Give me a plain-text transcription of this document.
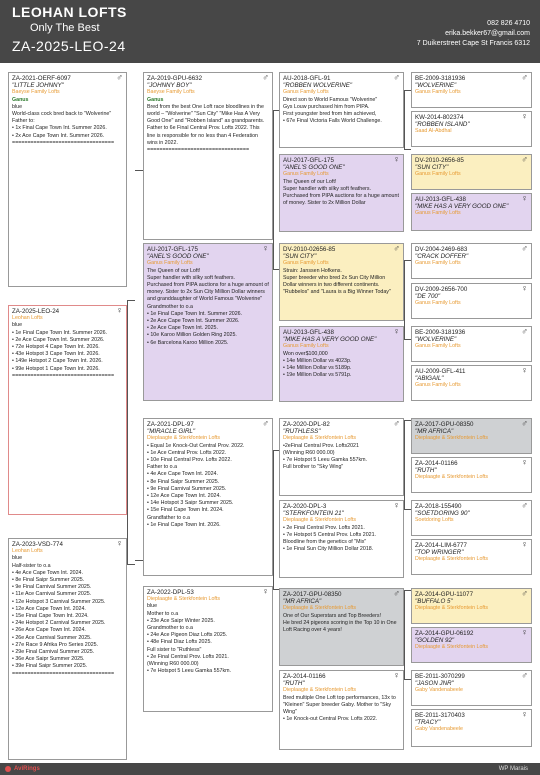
LEOHAN LOFTS
Only The Best
ZA-2025-LEO-24
082 826 4710
erika.bekker67@gmail.com
7 Duikerstreet Cape St Francis 6312
ZA-2021-OERF-6097	♂
"LITTLE JOHNNY"
Baeyse Family Lofts
Ganus
blue
World-class cock bred back to "Wolverine"
Father to:
• 1x Final Cape Town Int. Summer 2026.
• 2x Ace Cape Town Int. Summer 2026.
=================================
ZA-2025-LEO-24	♀
Leohan Lofts
blue
• 1e Final Cape Town Int. Summer 2026.
• 2e Ace Cape Town Int. Summer 2026.
• 72e Hotspot 4 Cape Town Int. 2026.
• 43e Hotspot 3 Cape Town Int. 2026.
• 149e Hotspot 2 Cape Town Int. 2026.
• 99e Hotspot 1 Cape Town Int. 2026.
=================================
ZA-2023-VSD-774	♀
Leohan Lofts
blue
Half-sister to o.a
• 4e Ace Cape Town Int. 2024.
• 8e Final Saipr Summer 2025.
• 9e Final Carnival Summer 2025.
• 11e Ace Carnival Summer 2025.
• 12e Hotspot 3 Carnival Summer 2025.
• 12e Ace Cape Town Int. 2024.
• 15e Final Cape Town Int. 2024.
• 24e Hotspot 2 Carnival Summer 2025.
• 26e Ace Cape Town Int. 2024.
• 26e Ace Carnival Summer 2025.
• 27e Race 9 Afrika Pro Series 2025.
• 29e Final Carnival Summer 2025.
• 36e Ace Saipr Summer 2025.
• 39e Final Saipr Summer 2025.
=================================
ZA-2019-GPU-6632	♂
"JOHNNY BOY"
Baeyse Family Lofts
Ganus
Bred from the best One Loft race bloodlines in the world – "Wolverine" "Sun City" "Mike Has A Very Good One" and "Robben Island" as grandparents. Father to 6e Final Central Prov. Lofts 2022. This line is responsible for no less than 4 Federation wins in 2022.
=================================
AU-2017-GFL-175	♀
"ANEL'S GOOD ONE"
Ganus Family Lofts
The Queen of our Loft!
Super handler with silky soft feathers.
Purchased from PIPA auctions for a huge amount of money. Sister to 2x Sun City Million Dollar winners and granddaughter of World Famous "Wolverine"
Grandmother to o.a
• 1e Final Cape Town Int. Summer 2026.
• 2e Ace Cape Town Int. Summer 2026.
• 2e Ace Cape Town Int. 2025.
• 10e Karoo Million Golden Ring 2025.
• 6e Barcelona Karoo Million 2025.
ZA-2021-DPL-97	♂
"MIRACLE GIRL"
Dieplaagte & Sterkfontein Lofts
• Equal 1e Knock-Out Central Prov. 2022.
• 1e Ace Central Prov. Lofts 2022.
• 10e Final Central Prov. Lofts 2022.
Father to o.a
• 4e Ace Cape Town Int. 2024.
• 8e Final Saipr Summer 2025.
• 9e Final Carnival Summer 2025.
• 12e Ace Cape Town Int. 2024.
• 14e Hotspot 3 Saipr Summer 2025.
• 15e Final Cape Town Int. 2024.
Grandfather to o.a
• 1e Final Cape Town Int. 2026.
ZA-2022-DPL-53	♀
Dieplaagte & Sterkfontein Lofts
blue
Mother to o.a
• 23e Ace Saipr Winter 2025.
Grandmother to o.a
• 24e Ace Pigeon Diaz Lofts 2025.
• 48e Final Diaz Lofts 2025.
Full sister to "Ruthless"
• 2e Final Central Prov. Lofts 2021.
(Winning R60 000.00)
• 7e Hotspot 5 Leeu Gamka 557km.
AU-2018-GFL-91	♂
"ROBBEN WOLVERINE"
Ganus Family Lofts
Direct son to World Famous "Wolverine"
Gys Louw purchased him from PIPA.
First youngster bred from him achieved,
• 67e Final Victoria Falls World Challenge.
AU-2017-GFL-175	♀
"ANEL'S GOOD ONE"
Ganus Family Lofts
The Queen of our Loft!
Super handler with silky soft feathers.
Purchased from PIPA auctions for a huge amount of money. Sister to 2x Million Dollar
DV-2010-02656-85	♂
"SUN CITY"
Ganus Family Lofts
Strain: Janssen Hofkens.
Super breeder who bred 2x Sun City Million Dollar winners in two different continents. "Rubbelos" and "Laura is a Big Winner Today"
AU-2013-GFL-438	♀
"MIKE HAS A VERY GOOD ONE"
Ganus Family Lofts
Won over$100,000
• 14e Million Dollar vs 4023p.
• 14e Million Dollar vs 5189p.
• 19e Million Dollar vs 5791p.
ZA-2020-DPL-82	♂
"RUTHLESS"
Dieplaagte & Sterkfontein Lofts
•2eFinal Central Prov. Lofts2021
(Winning R60 000.00)
• 7e Hotspot 5 Leeu Gamka 557km.
Full brother to "Sky Wing"
ZA-2020-DPL-3	♀
"STERKFONTEIN 21"
Dieplaagte & Sterkfontein Lofts
• 2e Final Central Prov. Lofts 2021.
• 7e Hotspot 5 Central Prov. Lofts 2021.
Bloodline from the genetics of "Mix"
• 1e Final Sun City Million Dollar 2018.
ZA-2017-GPU-08350	♂
"MR AFRICA"
Dieplaagte & Sterkfontein Lofts
One of Our Superstars and Top Breeders!
He bred 24 pigeons scoring in the Top 10 in One Loft Racing over 4 years!
ZA-2014-01166	♀
"RUTH"
Dieplaagte & Sterkfontein Lofts
Bred multiple One Loft top performances, 13x to "Kleinen" Super breeder Gaby. Mother to "Sky Wing"
• 1e Knock-out Central Prov. Lofts 2022.
BE-2009-3181936	♂
"WOLVERINE"
Ganus Family Lofts
KW-2014-802374	♀
"ROBBEN ISLAND"
Saad Al-Abdhal
DV-2010-2656-85	♂
"SUN CITY"
Ganus Family Lofts
AU-2013-GFL-438	♀
"MIKE HAS A VERY GOOD ONE"
Ganus Family Lofts
DV-2004-2469-683	♂
"CRACK DOFFER"
Ganus Family Lofts
DV-2009-2656-700	♀
"DE 700"
Ganus Family Lofts
BE-2009-3181936	♂
"WOLVERINE"
Ganus Family Lofts
AU-2009-GFL-411	♀
"ABIGAIL"
Ganus Family Lofts
ZA-2017-GPU-08350	♂
"MR AFRICA"
Dieplaagte & Sterkfontein Lofts
ZA-2014-01166	♀
"RUTH"
Dieplaagte & Sterkfontein Lofts
ZA-2018-155490	♂
"SOETDORING 90"
Soetdoring Lofts
ZA-2014-LIM-6777	♀
"TOP WRINGER"
Dieplaagte & Sterkfontein Lofts
ZA-2014-GPU-11077	♂
"BUFFALO 5"
Dieplaagte & Sterkfontein Lofts
ZA-2014-GPU-06192	♀
"GOLDEN 92"
Dieplaagte & Sterkfontein Lofts
BE-2011-3070299	♂
"JASON JNR"
Gaby Vandenabeele
BE-2011-3170403	♀
"TRACY"
Gaby Vandenabeele
AviRings	WP Marais
